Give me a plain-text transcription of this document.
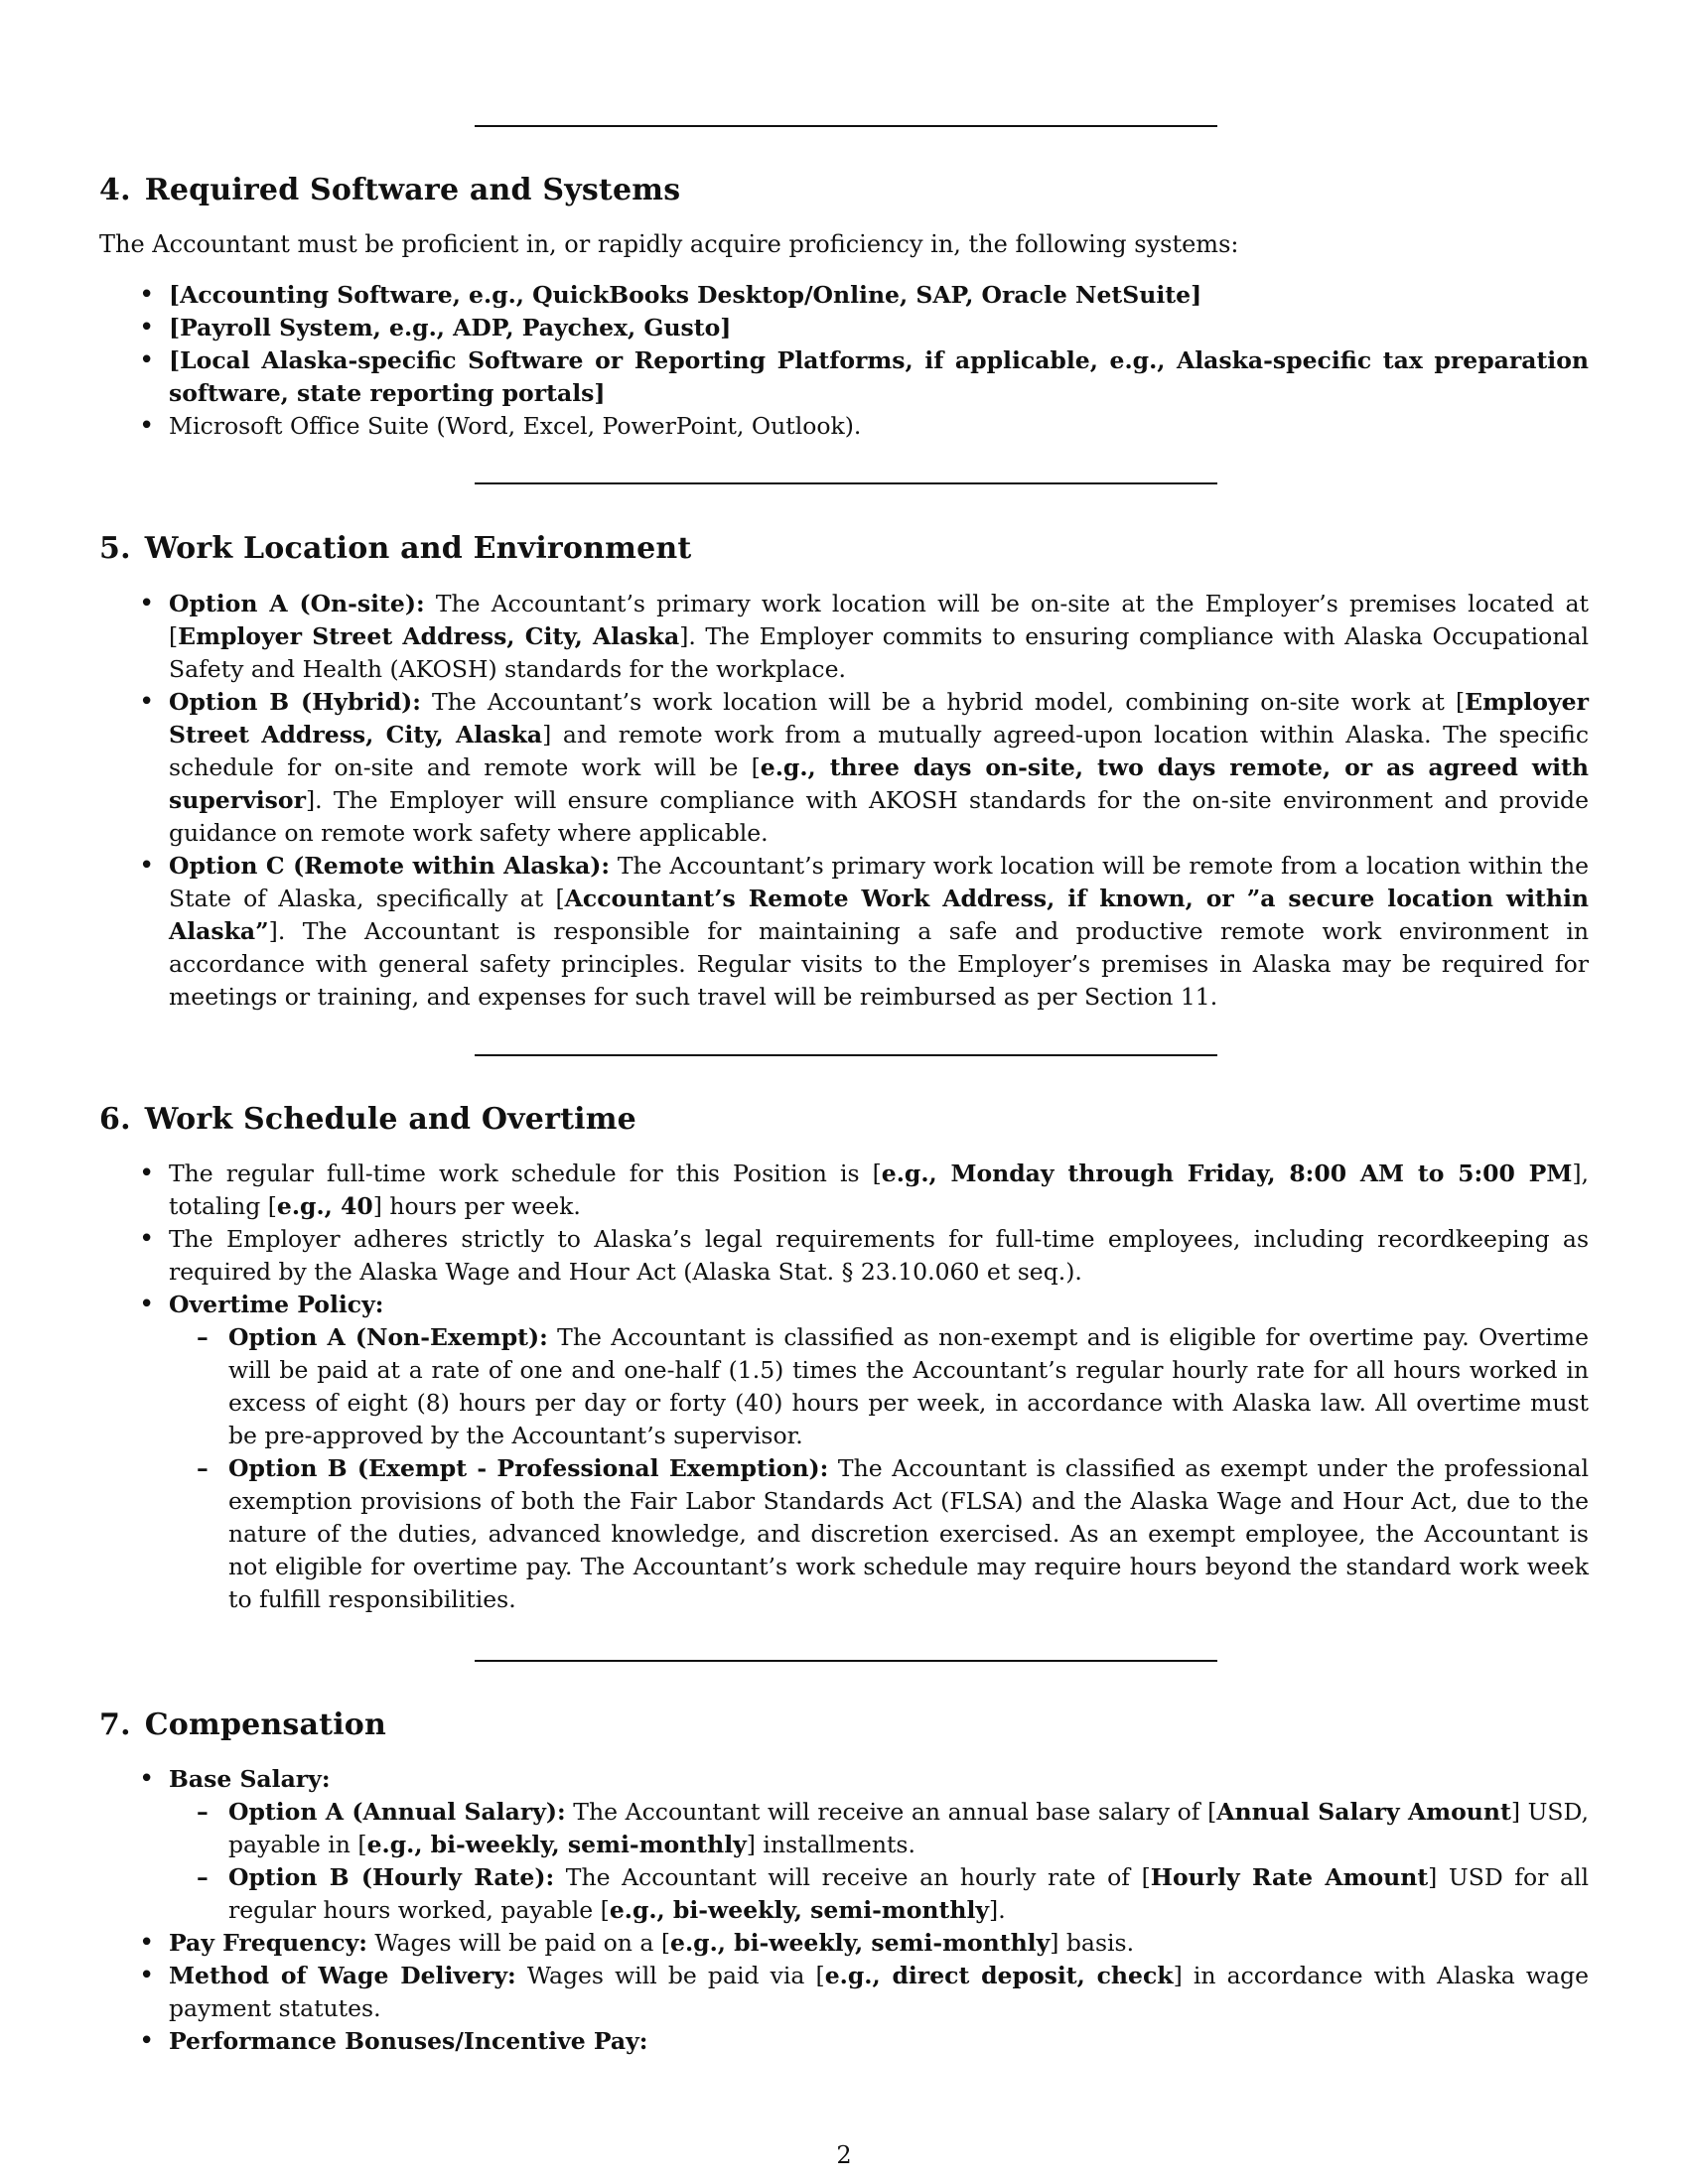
4. Required Software and Systems

The Accountant must be proficient in, or rapidly acquire proficiency in, the following systems:

• [Accounting Software, e.g., QuickBooks Desktop/Online, SAP, Oracle NetSuite]
• [Payroll System, e.g., ADP, Paychex, Gusto]
• [Local Alaska-specific Software or Reporting Platforms, if applicable, e.g., Alaska-specific tax preparation software, state reporting portals]
• Microsoft Office Suite (Word, Excel, PowerPoint, Outlook).
5. Work Location and Environment
• Option A (On-site): The Accountant’s primary work location will be on-site at the Employer’s premises located at [Employer Street Address, City, Alaska]. The Employer commits to ensuring compliance with Alaska Occupational Safety and Health (AKOSH) standards for the workplace.
• Option B (Hybrid): The Accountant’s work location will be a hybrid model, combining on-site work at [Employer Street Address, City, Alaska] and remote work from a mutually agreed-upon location within Alaska. The specific schedule for on-site and remote work will be [e.g., three days on-site, two days remote, or as agreed with supervisor]. The Employer will ensure compliance with AKOSH standards for the on-site environment and provide guidance on remote work safety where applicable.
• Option C (Remote within Alaska): The Accountant’s primary work location will be remote from a location within the State of Alaska, specifically at [Accountant’s Remote Work Address, if known, or ”a secure location within Alaska”]. The Accountant is responsible for maintaining a safe and productive remote work environment in accordance with general safety principles. Regular visits to the Employer’s premises in Alaska may be required for meetings or training, and expenses for such travel will be reimbursed as per Section 11.
6. Work Schedule and Overtime
• The regular full-time work schedule for this Position is [e.g., Monday through Friday, 8:00 AM to 5:00 PM], totaling [e.g., 40] hours per week.
• The Employer adheres strictly to Alaska’s legal requirements for full-time employees, including recordkeeping as required by the Alaska Wage and Hour Act (Alaska Stat. § 23.10.060 et seq.).
• Overtime Policy:
– Option A (Non-Exempt): The Accountant is classified as non-exempt and is eligible for overtime pay. Overtime will be paid at a rate of one and one-half (1.5) times the Accountant’s regular hourly rate for all hours worked in excess of eight (8) hours per day or forty (40) hours per week, in accordance with Alaska law. All overtime must be pre-approved by the Accountant’s supervisor.
– Option B (Exempt - Professional Exemption): The Accountant is classified as exempt under the professional exemption provisions of both the Fair Labor Standards Act (FLSA) and the Alaska Wage and Hour Act, due to the nature of the duties, advanced knowledge, and discretion exercised. As an exempt employee, the Accountant is not eligible for overtime pay. The Accountant’s work schedule may require hours beyond the standard work week to fulfill responsibilities.
7. Compensation
• Base Salary:
– Option A (Annual Salary): The Accountant will receive an annual base salary of [Annual Salary Amount] USD, payable in [e.g., bi-weekly, semi-monthly] installments.
– Option B (Hourly Rate): The Accountant will receive an hourly rate of [Hourly Rate Amount] USD for all regular hours worked, payable [e.g., bi-weekly, semi-monthly].
• Pay Frequency: Wages will be paid on a [e.g., bi-weekly, semi-monthly] basis.
• Method of Wage Delivery: Wages will be paid via [e.g., direct deposit, check] in accordance with Alaska wage payment statutes.
• Performance Bonuses/Incentive Pay:
2
